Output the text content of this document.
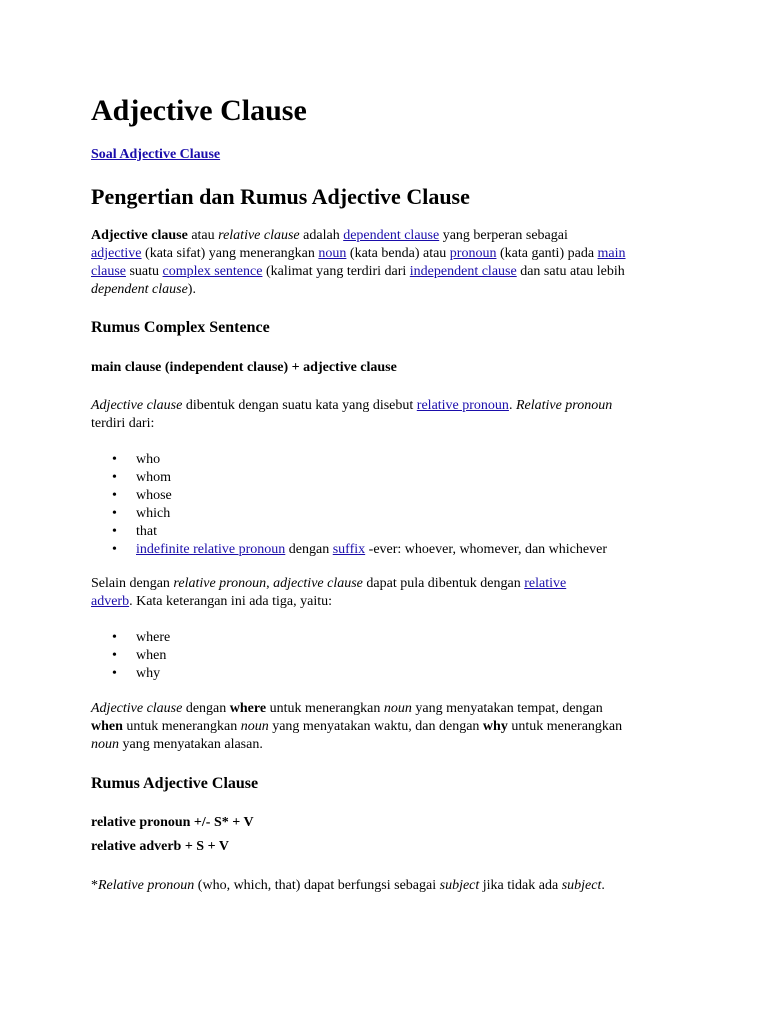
Adjective Clause
Soal Adjective Clause
Pengertian dan Rumus Adjective Clause
Adjective clause atau relative clause adalah dependent clause yang berperan sebagai
adjective (kata sifat) yang menerangkan noun (kata benda) atau pronoun (kata ganti) pada main
clause suatu complex sentence (kalimat yang terdiri dari independent clause dan satu atau lebih
dependent clause).
Rumus Complex Sentence
main clause (independent clause) + adjective clause
Adjective clause dibentuk dengan suatu kata yang disebut relative pronoun. Relative pronoun
terdiri dari:
• who
• whom
• whose
• which
• that
• indefinite relative pronoun dengan suffix -ever: whoever, whomever, dan whichever
Selain dengan relative pronoun, adjective clause dapat pula dibentuk dengan relative
adverb. Kata keterangan ini ada tiga, yaitu:
• where
• when
• why
Adjective clause dengan where untuk menerangkan noun yang menyatakan tempat, dengan
when untuk menerangkan noun yang menyatakan waktu, dan dengan why untuk menerangkan
noun yang menyatakan alasan.
Rumus Adjective Clause
relative pronoun +/- S* + V
relative adverb + S + V
*Relative pronoun (who, which, that) dapat berfungsi sebagai subject jika tidak ada subject.
